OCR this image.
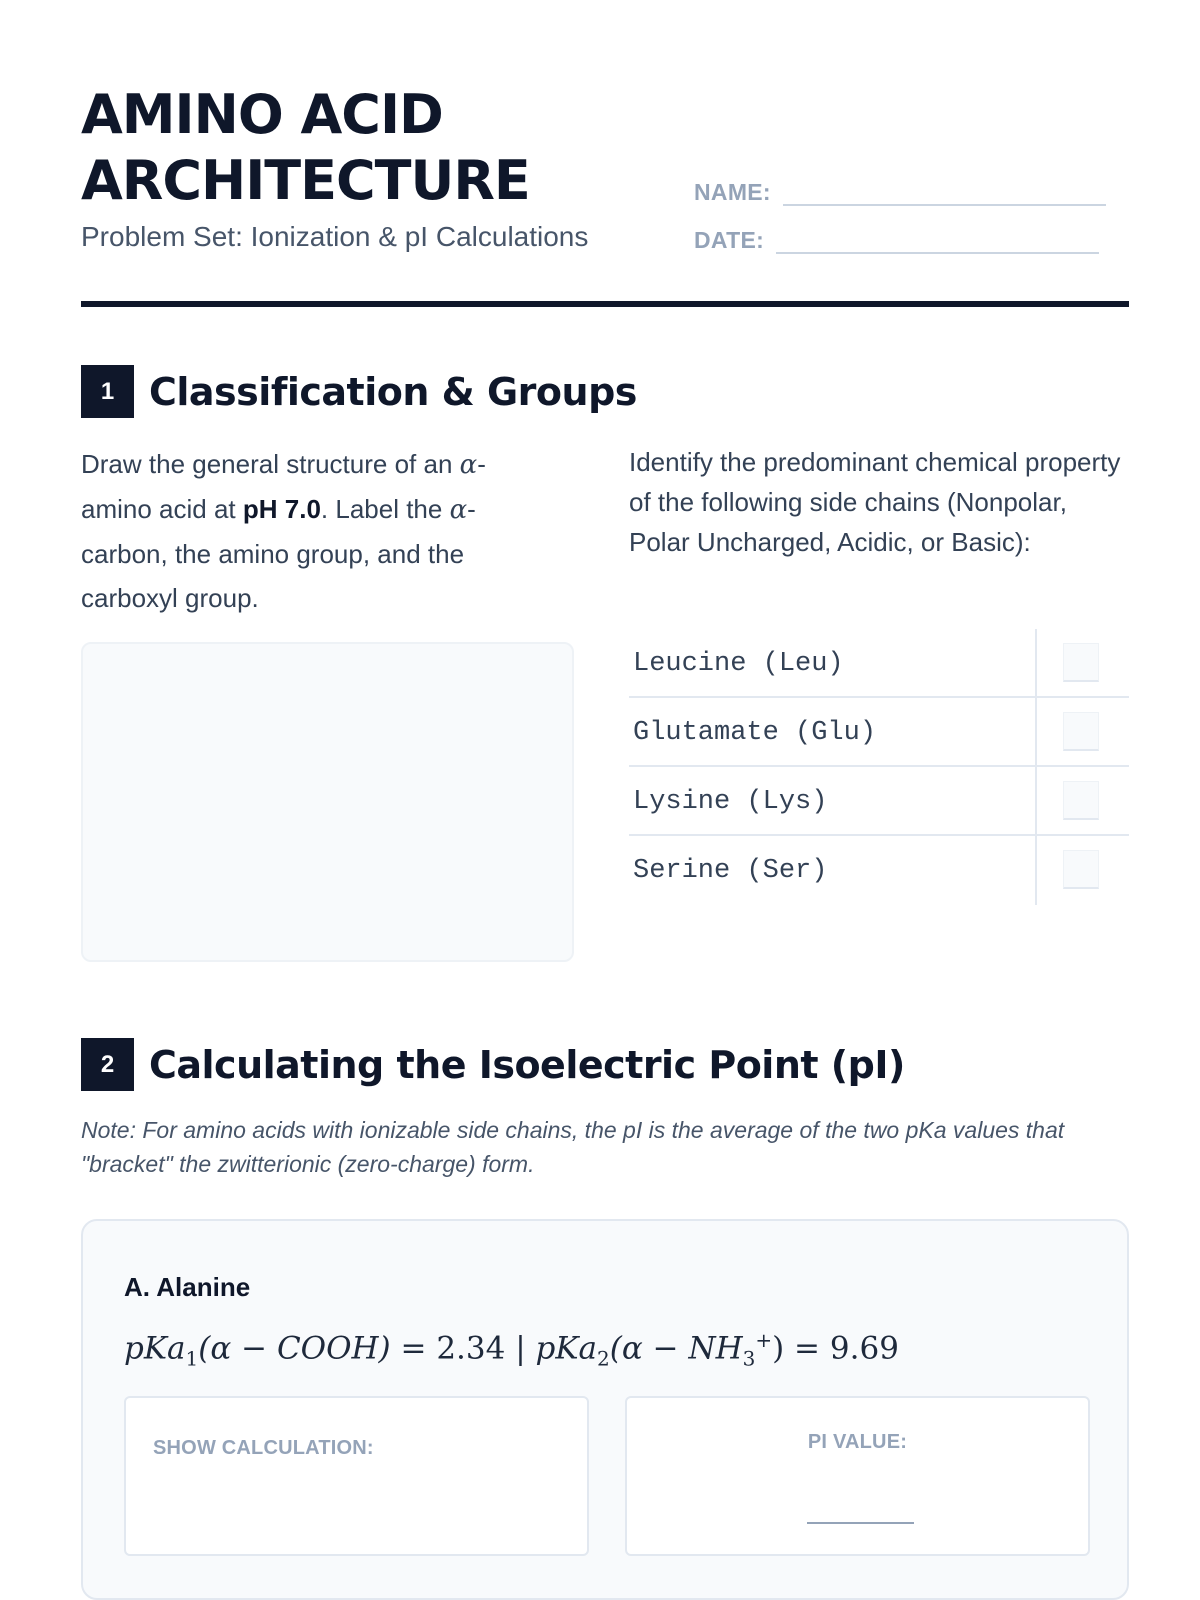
AMINO ACID
ARCHITECTURE
Problem Set: Ionization & pI Calculations
NAME:
DATE:
1 Classification & Groups
Draw the general structure of an α-amino acid at pH 7.0. Label the α-carbon, the amino group, and the carboxyl group.
Identify the predominant chemical property of the following side chains (Nonpolar, Polar Uncharged, Acidic, or Basic):
Leucine (Leu)
Glutamate (Glu)
Lysine (Lys)
Serine (Ser)
2 Calculating the Isoelectric Point (pI)
Note: For amino acids with ionizable side chains, the pI is the average of the two pKa values that "bracket" the zwitterionic (zero-charge) form.
A. Alanine
pKa$_1$(α − COOH) = 2.34 | $pKa_2(\alpha - NH_3^+) = 9.69$
SHOW CALCULATION:	PI VALUE:
